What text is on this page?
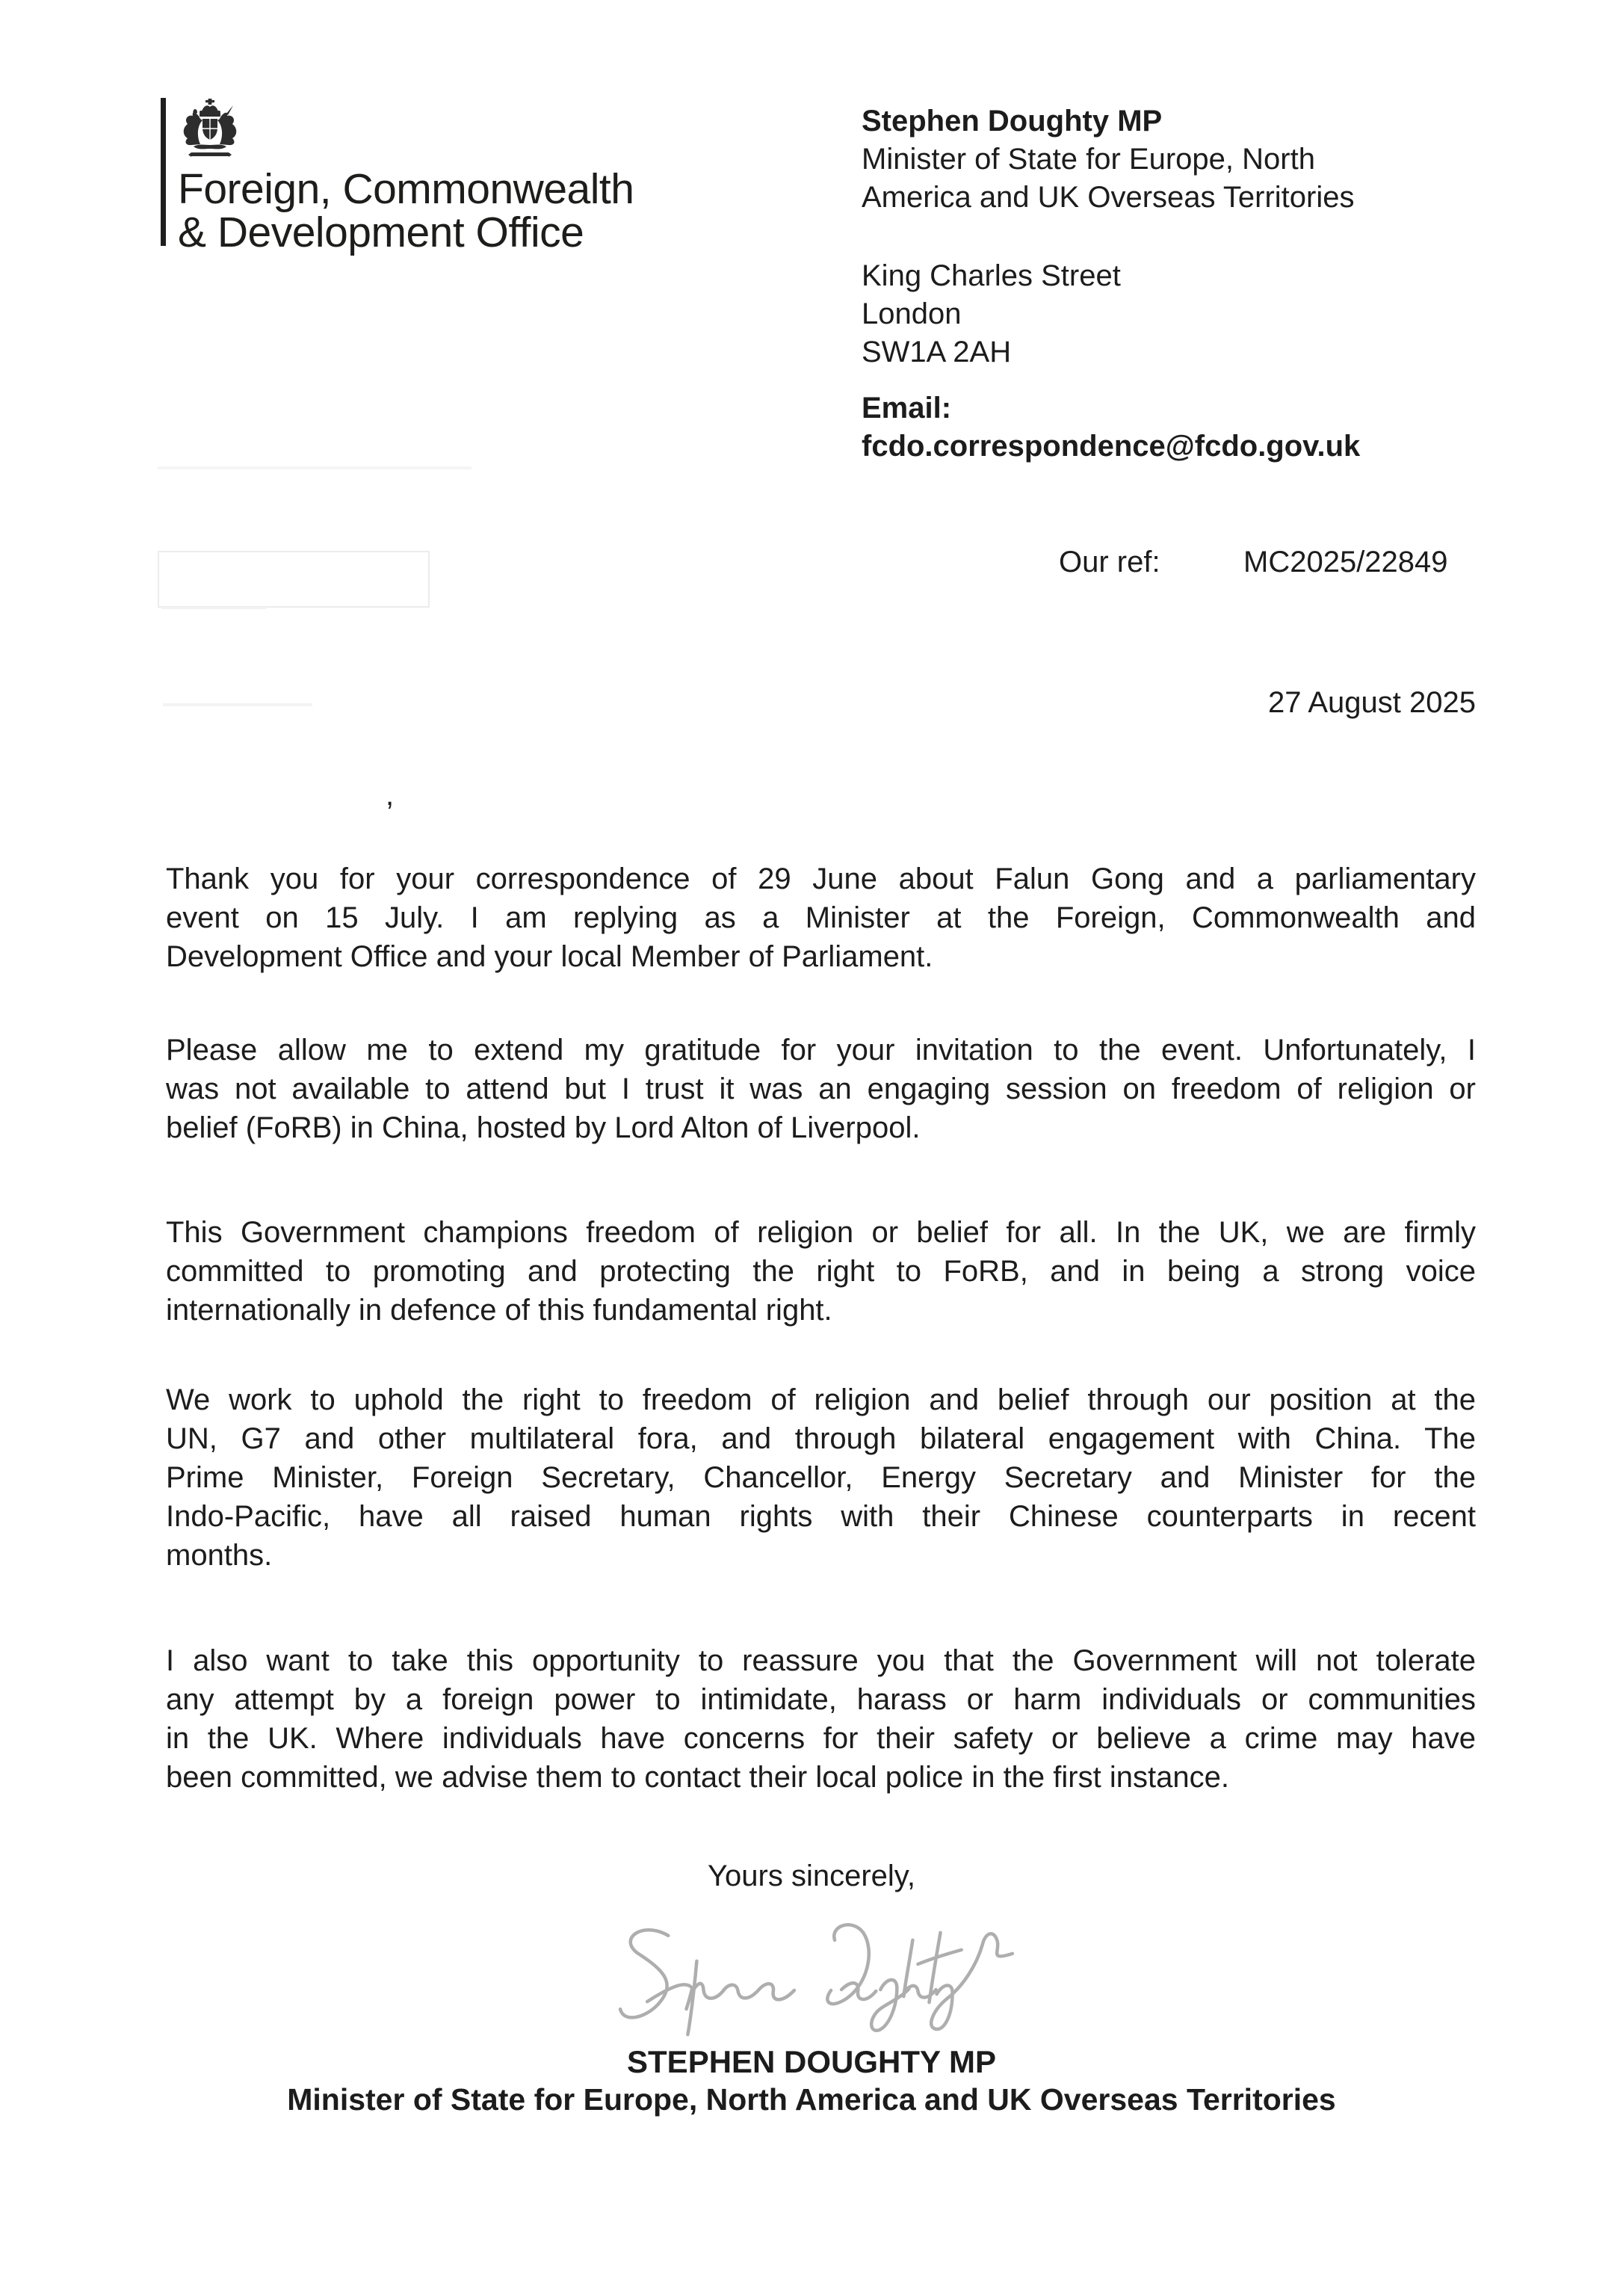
Foreign, Commonwealth
& Development Office
Stephen Doughty MP
Minister of State for Europe, North
America and UK Overseas Territories
King Charles Street
London
SW1A 2AH
Email:
fcdo.correspondence@fcdo.gov.uk
Our ref:	MC2025/22849
27 August 2025
,
Thank you for your correspondence of 29 June about Falun Gong and a parliamentary
event on 15 July. I am replying as a Minister at the Foreign, Commonwealth and
Development Office and your local Member of Parliament.
Please allow me to extend my gratitude for your invitation to the event. Unfortunately, I
was not available to attend but I trust it was an engaging session on freedom of religion or
belief (FoRB) in China, hosted by Lord Alton of Liverpool.
This Government champions freedom of religion or belief for all. In the UK, we are firmly
committed to promoting and protecting the right to FoRB, and in being a strong voice
internationally in defence of this fundamental right.
We work to uphold the right to freedom of religion and belief through our position at the
UN, G7 and other multilateral fora, and through bilateral engagement with China. The
Prime Minister, Foreign Secretary, Chancellor, Energy Secretary and Minister for the
Indo-Pacific, have all raised human rights with their Chinese counterparts in recent
months.
I also want to take this opportunity to reassure you that the Government will not tolerate
any attempt by a foreign power to intimidate, harass or harm individuals or communities
in the UK. Where individuals have concerns for their safety or believe a crime may have
been committed, we advise them to contact their local police in the first instance.
Yours sincerely,
STEPHEN DOUGHTY MP
Minister of State for Europe, North America and UK Overseas Territories
